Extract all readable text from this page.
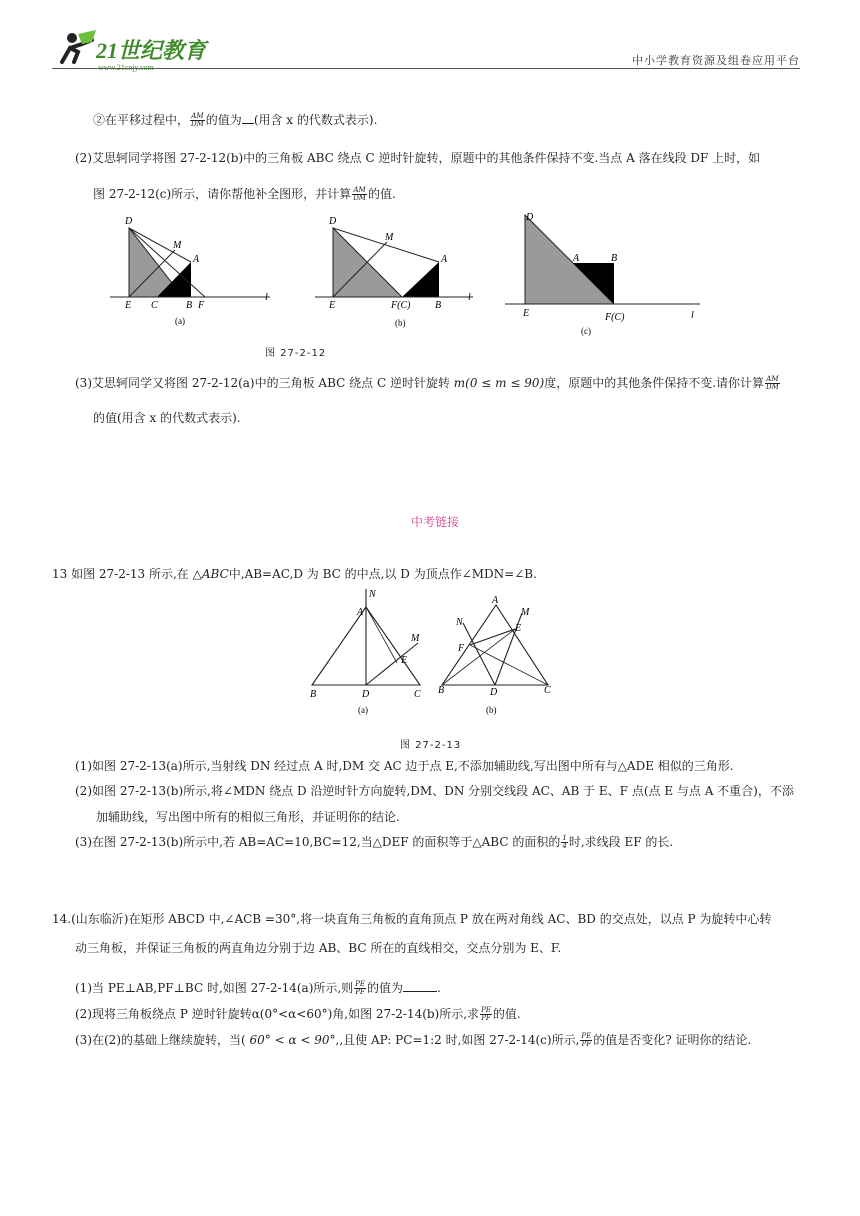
21世纪教育
www.21cnjy.com
中小学教育资源及组卷应用平台
②在平移过程中， $\frac{AM}{DM}$ 的值为 (用含 x 的代数式表示).
(2)艾思轲同学将图 27-2-12(b)中的三角板 ABC 绕点 C 逆时针旋转，原题中的其他条件保持不变.当点 A 落在线段 DF 上时，如
图 27-2-12(c)所示，请你帮他补全图形，并计算 $\frac{AM}{DM}$ 的值.
D
M
A
E C	B F
l
(a)
D
M
A
E	F(C) B
l
(b)
D
A	B
E	F(C)	l
(c)
图 27-2-12
(3)艾思轲同学又将图 27-2-12(a)中的三角板 ABC 绕点 C 逆时针旋转 m(0 ≤ m ≤ 90)度，原题中的其他条件保持不变.请你计算 $\frac{AM}{DM}$
的值(用含 x 的代数式表示).
中考链接
13 如图 27-2-13 所示,在 △ABC中,AB=AC,D 为 BC 的中点,以 D 为顶点作∠MDN=∠B.
A
N
M
E
B	D	C
(a)
A
N
M
E
F
B	D	C
(b)
图 27-2-13
(1)如图 27-2-13(a)所示,当射线 DN 经过点 A 时,DM 交 AC 边于点 E,不添加辅助线,写出图中所有与△ADE 相似的三角形.
(2)如图 27-2-13(b)所示,将∠MDN 绕点 D 沿逆时针方向旋转,DM、DN 分别交线段 AC、AB 于 E、F 点(点 E 与点 A 不重合)，不添
加辅助线，写出图中所有的相似三角形，并证明你的结论.
(3)在图 27-2-13(b)所示中,若 AB=AC=10,BC=12,当△DEF 的面积等于△ABC 的面积的 $\frac{1}{4}$ 时,求线段 EF 的长.
14.(山东临沂)在矩形 ABCD 中,∠ACB =30°,将一块直角三角板的直角顶点 P 放在两对角线 AC、BD 的交点处，以点 P 为旋转中心转
动三角板，并保证三角板的两直角边分别于边 AB、BC 所在的直线相交，交点分别为 E、F.
(1)当 PE⊥AB,PF⊥BC 时,如图 27-2-14(a)所示,则 $\frac{PE}{PF}$ 的值为	.
(2)现将三角板绕点 P 逆时针旋转α(0°<α<60°)角,如图 27-2-14(b)所示,求 $\frac{PE}{PF}$ 的值.
(3)在(2)的基础上继续旋转，当( 60° < α < 90°,,且使 AP: PC=1:2 时,如图 27-2-14(c)所示, $\frac{PE}{PF}$ 的值是否变化? 证明你的结论.
